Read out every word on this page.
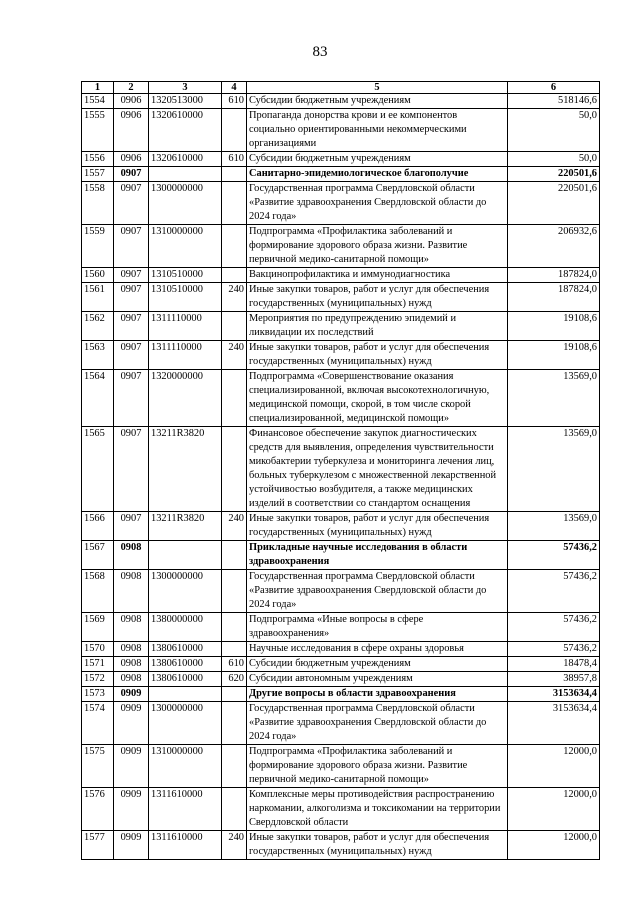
83
1	2	3	4	5	6
1554	0906	1320513000	610	Субсидии бюджетным учреждениям	518146,6
1555	0906	1320610000		Пропаганда донорства крови и ее компонентов социально ориентированными некоммерческими организациями	50,0
1556	0906	1320610000	610	Субсидии бюджетным учреждениям	50,0
1557	0907			Санитарно-эпидемиологическое благополучие	220501,6
1558	0907	1300000000		Государственная программа Свердловской области «Развитие здравоохранения Свердловской области до 2024 года»	220501,6
1559	0907	1310000000		Подпрограмма «Профилактика заболеваний и формирование здорового образа жизни. Развитие первичной медико-санитарной помощи»	206932,6
1560	0907	1310510000		Вакцинопрофилактика и иммунодиагностика	187824,0
1561	0907	1310510000	240	Иные закупки товаров, работ и услуг для обеспечения государственных (муниципальных) нужд	187824,0
1562	0907	1311110000		Мероприятия по предупреждению эпидемий и ликвидации их последствий	19108,6
1563	0907	1311110000	240	Иные закупки товаров, работ и услуг для обеспечения государственных (муниципальных) нужд	19108,6
1564	0907	1320000000		Подпрограмма «Совершенствование оказания специализированной, включая высокотехнологичную, медицинской помощи, скорой, в том числе скорой специализированной, медицинской помощи»	13569,0
1565	0907	13211R3820		Финансовое обеспечение закупок диагностических средств для выявления, определения чувствительности микобактерии туберкулеза и мониторинга лечения лиц, больных туберкулезом с множественной лекарственной устойчивостью возбудителя, а также медицинских изделий в соответствии со стандартом оснащения	13569,0
1566	0907	13211R3820	240	Иные закупки товаров, работ и услуг для обеспечения государственных (муниципальных) нужд	13569,0
1567	0908			Прикладные научные исследования в области здравоохранения	57436,2
1568	0908	1300000000		Государственная программа Свердловской области «Развитие здравоохранения Свердловской области до 2024 года»	57436,2
1569	0908	1380000000		Подпрограмма «Иные вопросы в сфере здравоохранения»	57436,2
1570	0908	1380610000		Научные исследования в сфере охраны здоровья	57436,2
1571	0908	1380610000	610	Субсидии бюджетным учреждениям	18478,4
1572	0908	1380610000	620	Субсидии автономным учреждениям	38957,8
1573	0909			Другие вопросы в области здравоохранения	3153634,4
1574	0909	1300000000		Государственная программа Свердловской области «Развитие здравоохранения Свердловской области до 2024 года»	3153634,4
1575	0909	1310000000		Подпрограмма «Профилактика заболеваний и формирование здорового образа жизни. Развитие первичной медико-санитарной помощи»	12000,0
1576	0909	1311610000		Комплексные меры противодействия распространению наркомании, алкоголизма и токсикомании на территории Свердловской области	12000,0
1577	0909	1311610000	240	Иные закупки товаров, работ и услуг для обеспечения государственных (муниципальных) нужд	12000,0
